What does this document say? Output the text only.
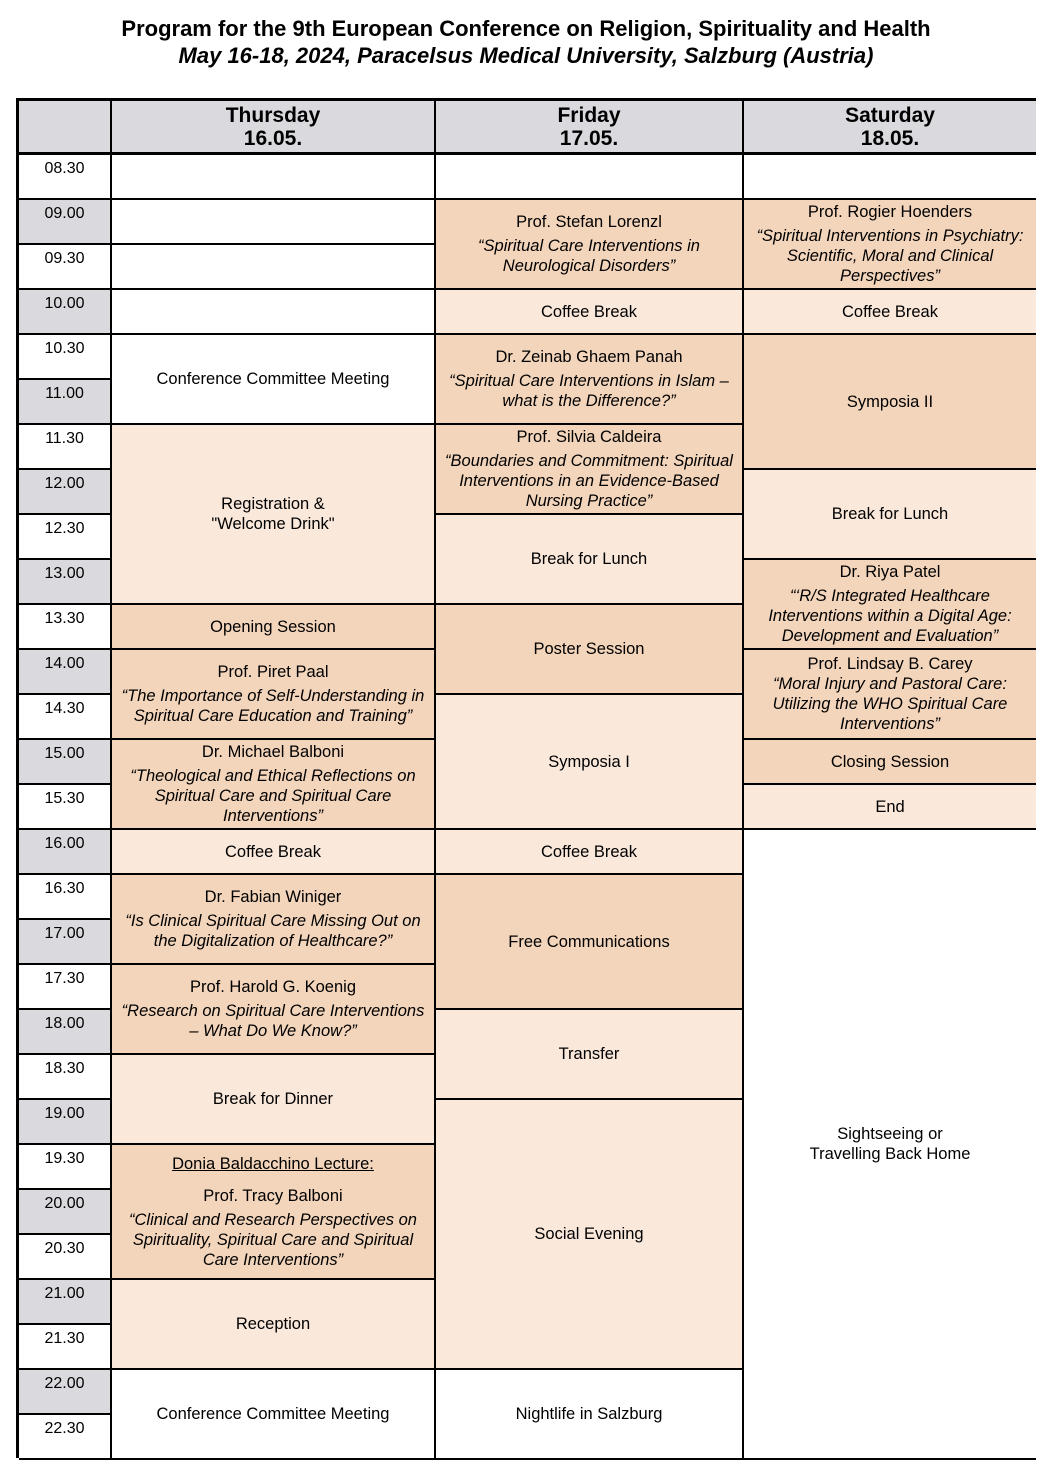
Program for the 9th European Conference on Religion, Spirituality and Health
May 16-18, 2024, Paracelsus Medical University, Salzburg (Austria)
Thursday
16.05.
Friday
17.05.
Saturday
18.05.
08.30
09.00
09.30
10.00
10.30
11.00
11.30
12.00
12.30
13.00
13.30
14.00
14.30
15.00
15.30
16.00
16.30
17.00
17.30
18.00
18.30
19.00
19.30
20.00
20.30
21.00
21.30
22.00
22.30
Conference Committee Meeting
Registration &
"Welcome Drink"
Opening Session
Prof. Piret Paal
“The Importance of Self-Understanding in Spiritual Care Education and Training”
Dr. Michael Balboni
“Theological and Ethical Reflections on Spiritual Care and Spiritual Care Interventions”
Coffee Break
Dr. Fabian Winiger
“Is Clinical Spiritual Care Missing Out on the Digitalization of Healthcare?”
Prof. Harold G. Koenig
“Research on Spiritual Care Interventions – What Do We Know?”
Break for Dinner
Donia Baldacchino Lecture:
Prof. Tracy Balboni
“Clinical and Research Perspectives on Spirituality, Spiritual Care and Spiritual Care Interventions”
Reception
Conference Committee Meeting
Prof. Stefan Lorenzl
“Spiritual Care Interventions in Neurological Disorders”
Coffee Break
Dr. Zeinab Ghaem Panah
“Spiritual Care Interventions in Islam – what is the Difference?”
Prof. Silvia Caldeira
“Boundaries and Commitment: Spiritual Interventions in an Evidence-Based Nursing Practice”
Break for Lunch
Poster Session
Symposia I
Coffee Break
Free Communications
Transfer
Social Evening
Nightlife in Salzburg
Prof. Rogier Hoenders
“Spiritual Interventions in Psychiatry: Scientific, Moral and Clinical Perspectives”
Coffee Break
Symposia II
Break for Lunch
Dr. Riya Patel
“‘R/S Integrated Healthcare Interventions within a Digital Age: Development and Evaluation”
Prof. Lindsay B. Carey
“Moral Injury and Pastoral Care: Utilizing the WHO Spiritual Care Interventions”
Closing Session
End
Sightseeing or
Travelling Back Home
